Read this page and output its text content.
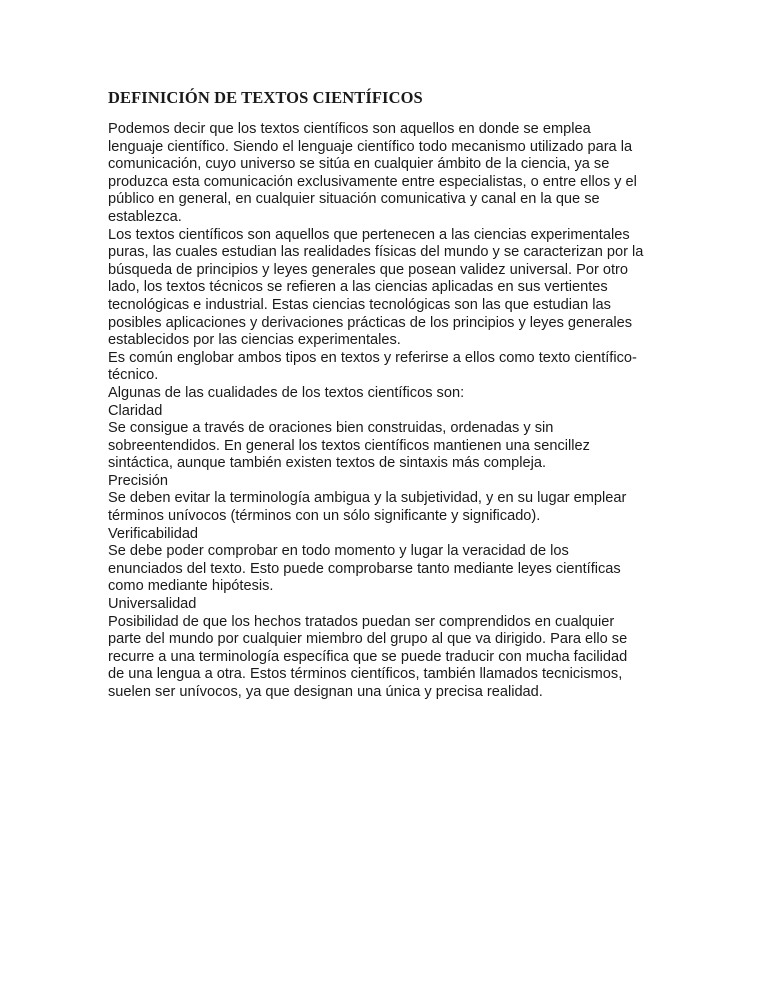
DEFINICIÓN DE TEXTOS CIENTÍFICOS
Podemos decir que los textos científicos son aquellos en donde se emplea
lenguaje científico. Siendo el lenguaje científico todo mecanismo utilizado para la
comunicación, cuyo universo se sitúa en cualquier ámbito de la ciencia, ya se
produzca esta comunicación exclusivamente entre especialistas, o entre ellos y el
público en general, en cualquier situación comunicativa y canal en la que se
establezca.
Los textos científicos son aquellos que pertenecen a las ciencias experimentales
puras, las cuales estudian las realidades físicas del mundo y se caracterizan por la
búsqueda de principios y leyes generales que posean validez universal. Por otro
lado, los textos técnicos se refieren a las ciencias aplicadas en sus vertientes
tecnológicas e industrial. Estas ciencias tecnológicas son las que estudian las
posibles aplicaciones y derivaciones prácticas de los principios y leyes generales
establecidos por las ciencias experimentales.
Es común englobar ambos tipos en textos y referirse a ellos como texto científico-
técnico.
Algunas de las cualidades de los textos científicos son:
Claridad
Se consigue a través de oraciones bien construidas, ordenadas y sin
sobreentendidos. En general los textos científicos mantienen una sencillez
sintáctica, aunque también existen textos de sintaxis más compleja.
Precisión
Se deben evitar la terminología ambigua y la subjetividad, y en su lugar emplear
términos unívocos (términos con un sólo significante y significado).
Verificabilidad
Se debe poder comprobar en todo momento y lugar la veracidad de los
enunciados del texto. Esto puede comprobarse tanto mediante leyes científicas
como mediante hipótesis.
Universalidad
Posibilidad de que los hechos tratados puedan ser comprendidos en cualquier
parte del mundo por cualquier miembro del grupo al que va dirigido. Para ello se
recurre a una terminología específica que se puede traducir con mucha facilidad
de una lengua a otra. Estos términos científicos, también llamados tecnicismos,
suelen ser unívocos, ya que designan una única y precisa realidad.
